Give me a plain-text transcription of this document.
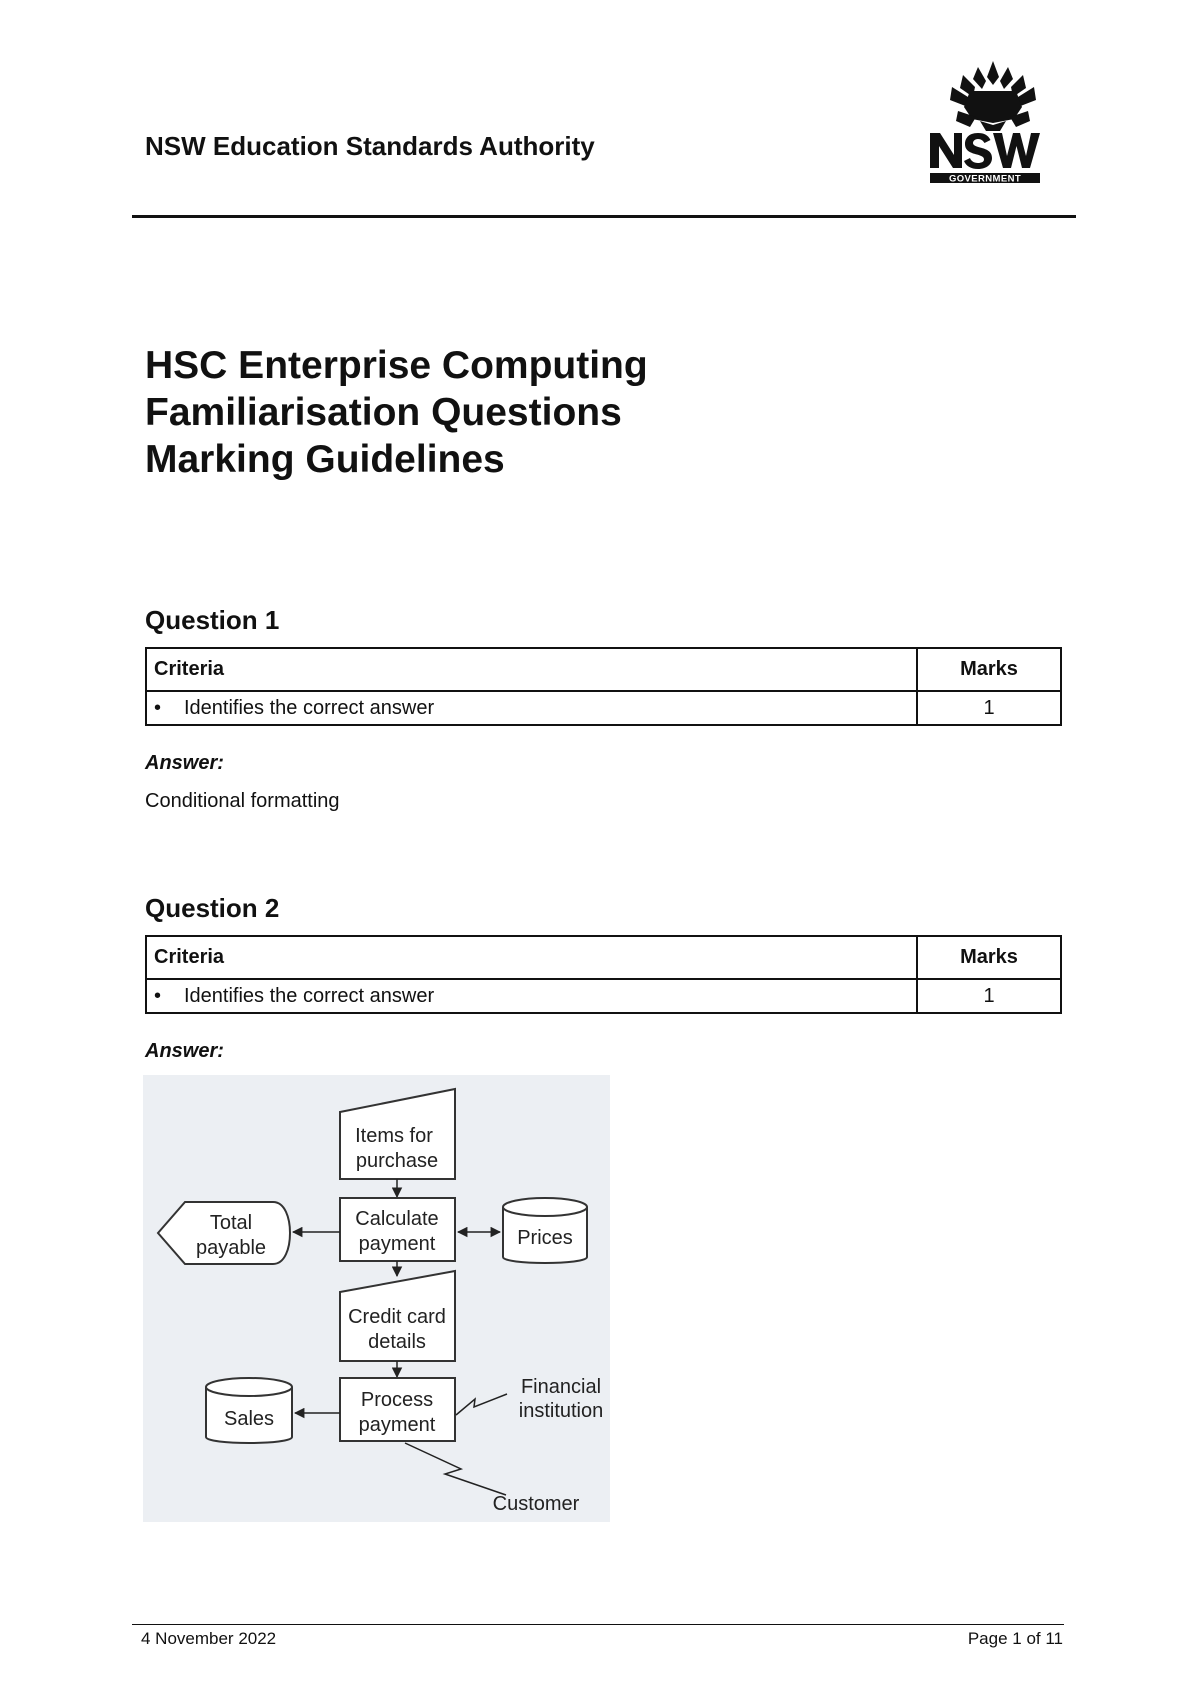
NSW Education Standards Authority
GOVERNMENT
HSC Enterprise Computing
Familiarisation Questions
Marking Guidelines
Question 1
Criteria	Marks
• Identifies the correct answer	1
Answer:
Conditional formatting
Question 2
Criteria	Marks
• Identifies the correct answer	1
Answer:
Items for
purchase
Calculate
payment
Total
payable	Prices
Credit card
details
Process
payment
Sales
Financial
institution
Customer
4 November 2022	Page 1 of 11
